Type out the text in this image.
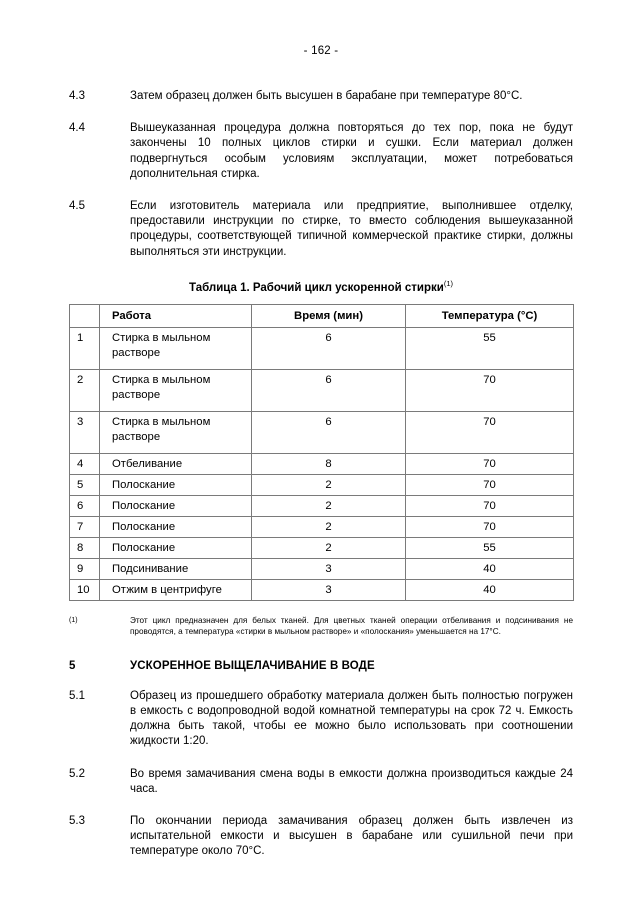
- 162 -
4.3	Затем образец должен быть высушен в барабане при температуре 80°C.
4.4	Вышеуказанная процедура должна повторяться до тех пор, пока не будут закончены 10 полных циклов стирки и сушки. Если материал должен подвергнуться особым условиям эксплуатации, может потребоваться дополнительная стирка.
4.5	Если изготовитель материала или предприятие, выполнившее отделку, предоставили инструкции по стирке, то вместо соблюдения вышеуказанной процедуры, соответствующей типичной коммерческой практике стирки, должны выполняться эти инструкции.
Таблица 1. Рабочий цикл ускоренной стирки$^{(1)}$
	Работа	Время (мин)	Температура (°C)
1	Стирка в мыльном растворе	6	55
2	Стирка в мыльном растворе	6	70
3	Стирка в мыльном растворе	6	70
4	Отбеливание	8	70
5	Полоскание	2	70
6	Полоскание	2	70
7	Полоскание	2	70
8	Полоскание	2	55
9	Подсинивание	3	40
10	Отжим в центрифуге	3	40
(1)	Этот цикл предназначен для белых тканей. Для цветных тканей операции отбеливания и подсинивания не проводятся, а температура «стирки в мыльном растворе» и «полоскания» уменьшается на 17°C.
5	УСКОРЕННОЕ ВЫЩЕЛАЧИВАНИЕ В ВОДЕ
5.1	Образец из прошедшего обработку материала должен быть полностью погружен в емкость с водопроводной водой комнатной температуры на срок 72 ч. Емкость должна быть такой, чтобы ее можно было использовать при соотношении жидкости 1:20.
5.2	Во время замачивания смена воды в емкости должна производиться каждые 24 часа.
5.3	По окончании периода замачивания образец должен быть извлечен из испытательной емкости и высушен в барабане или сушильной печи при температуре около 70°C.
